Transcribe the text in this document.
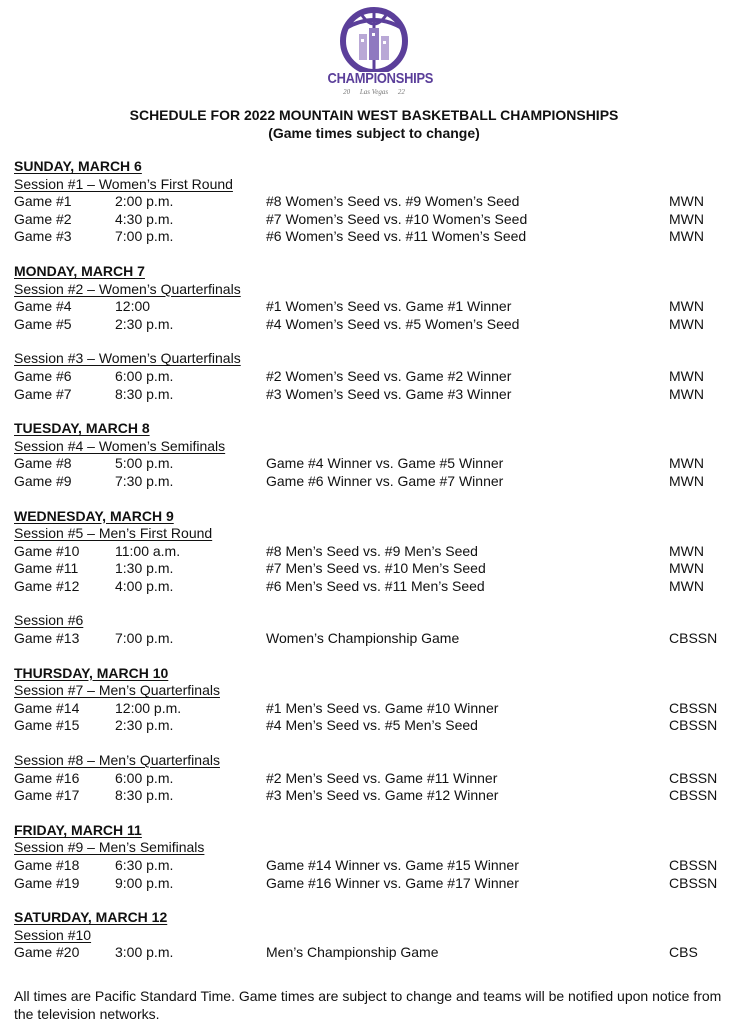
CHAMPIONSHIPS
20 Las Vegas 22
SCHEDULE FOR 2022 MOUNTAIN WEST BASKETBALL CHAMPIONSHIPS
(Game times subject to change)
SUNDAY, MARCH 6
Session #1 – Women’s First Round
Game #1	2:00 p.m.	#8 Women’s Seed vs. #9 Women’s Seed	MWN
Game #2	4:30 p.m.	#7 Women’s Seed vs. #10 Women’s Seed	MWN
Game #3	7:00 p.m.	#6 Women’s Seed vs. #11 Women’s Seed	MWN
MONDAY, MARCH 7
Session #2 – Women’s Quarterfinals
Game #4	12:00	#1 Women’s Seed vs. Game #1 Winner	MWN
Game #5	2:30 p.m.	#4 Women’s Seed vs. #5 Women’s Seed	MWN
Session #3 – Women’s Quarterfinals
Game #6	6:00 p.m.	#2 Women’s Seed vs. Game #2 Winner	MWN
Game #7	8:30 p.m.	#3 Women’s Seed vs. Game #3 Winner	MWN
TUESDAY, MARCH 8
Session #4 – Women’s Semifinals
Game #8	5:00 p.m.	Game #4 Winner vs. Game #5 Winner	MWN
Game #9	7:30 p.m.	Game #6 Winner vs. Game #7 Winner	MWN
WEDNESDAY, MARCH 9
Session #5 – Men’s First Round
Game #10	11:00 a.m.	#8 Men’s Seed vs. #9 Men’s Seed	MWN
Game #11	1:30 p.m.	#7 Men’s Seed vs. #10 Men’s Seed	MWN
Game #12	4:00 p.m.	#6 Men’s Seed vs. #11 Men’s Seed	MWN
Session #6
Game #13	7:00 p.m.	Women’s Championship Game	CBSSN
THURSDAY, MARCH 10
Session #7 – Men’s Quarterfinals
Game #14	12:00 p.m.	#1 Men’s Seed vs. Game #10 Winner	CBSSN
Game #15	2:30 p.m.	#4 Men’s Seed vs. #5 Men’s Seed	CBSSN
Session #8 – Men’s Quarterfinals
Game #16	6:00 p.m.	#2 Men’s Seed vs. Game #11 Winner	CBSSN
Game #17	8:30 p.m.	#3 Men’s Seed vs. Game #12 Winner	CBSSN
FRIDAY, MARCH 11
Session #9 – Men’s Semifinals
Game #18	6:30 p.m.	Game #14 Winner vs. Game #15 Winner	CBSSN
Game #19	9:00 p.m.	Game #16 Winner vs. Game #17 Winner	CBSSN
SATURDAY, MARCH 12
Session #10
Game #20	3:00 p.m.	Men’s Championship Game	CBS
All times are Pacific Standard Time. Game times are subject to change and teams will be notified upon notice from the television networks.
